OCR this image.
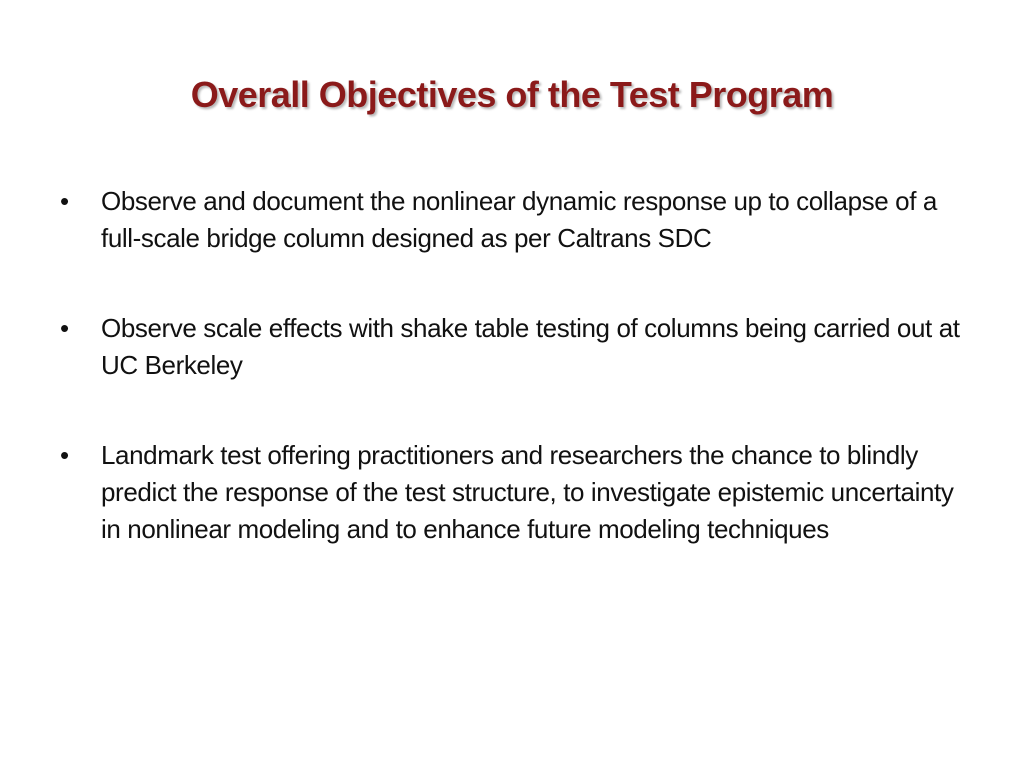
Overall Objectives of the Test Program
•	Observe and document the nonlinear dynamic response up to collapse of a full-scale bridge column designed as per Caltrans SDC
•	Observe scale effects with shake table testing of columns being carried out at UC Berkeley
•	Landmark test offering practitioners and researchers the chance to blindly predict the response of the test structure, to investigate epistemic uncertainty in nonlinear modeling and to enhance future modeling techniques
